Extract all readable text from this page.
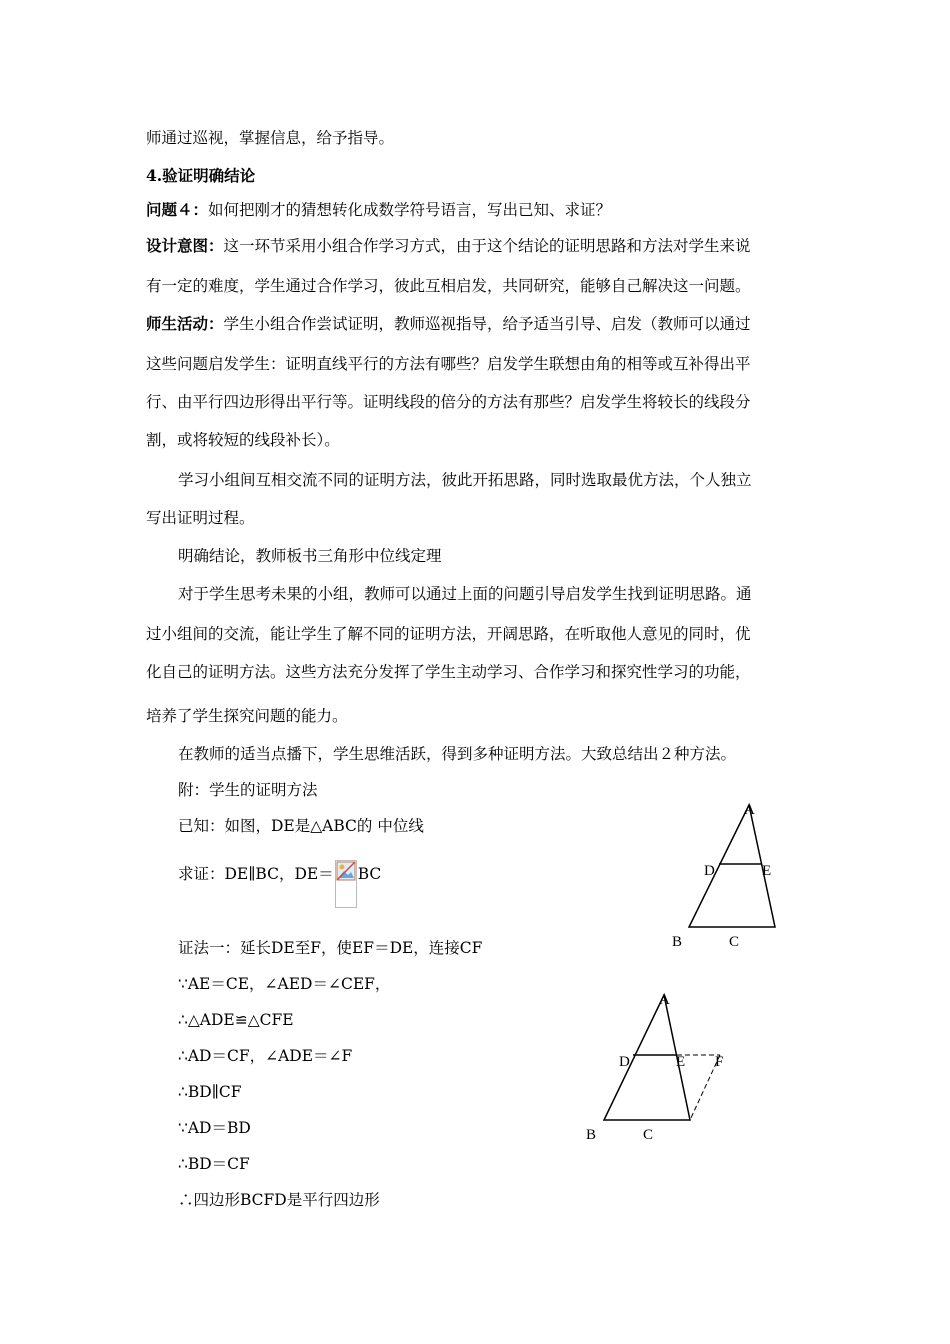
师通过巡视，掌握信息，给予指导。
4.验证明确结论
问题４：如何把刚才的猜想转化成数学符号语言，写出已知、求证？
设计意图：这一环节采用小组合作学习方式，由于这个结论的证明思路和方法对学生来说
有一定的难度，学生通过合作学习，彼此互相启发，共同研究，能够自己解决这一问题。
师生活动：学生小组合作尝试证明，教师巡视指导，给予适当引导、启发（教师可以通过
这些问题启发学生：证明直线平行的方法有哪些？启发学生联想由角的相等或互补得出平
行、由平行四边形得出平行等。证明线段的倍分的方法有那些？启发学生将较长的线段分
割，或将较短的线段补长）。
学习小组间互相交流不同的证明方法，彼此开拓思路，同时选取最优方法，个人独立
写出证明过程。
明确结论，教师板书三角形中位线定理
对于学生思考未果的小组，教师可以通过上面的问题引导启发学生找到证明思路。通
过小组间的交流，能让学生了解不同的证明方法，开阔思路，在听取他人意见的同时，优
化自己的证明方法。这些方法充分发挥了学生主动学习、合作学习和探究性学习的功能，
培养了学生探究问题的能力。
在教师的适当点播下，学生思维活跃，得到多种证明方法。大致总结出２种方法。
附：学生的证明方法
已知：如图，DE是△ABC的 中位线
求证：DE∥BC，DE＝ BC
证法一：延长DE至F，使EF＝DE，连接CF
∵AE＝CE，∠AED＝∠CEF，
∴△ADE≌△CFE
∴AD＝CF，∠ADE＝∠F
∴BD∥CF
∵AD＝BD
∴BD＝CF
∴四边形BCFD是平行四边形
A
D	E
B	C
A
D	E F
B	C
